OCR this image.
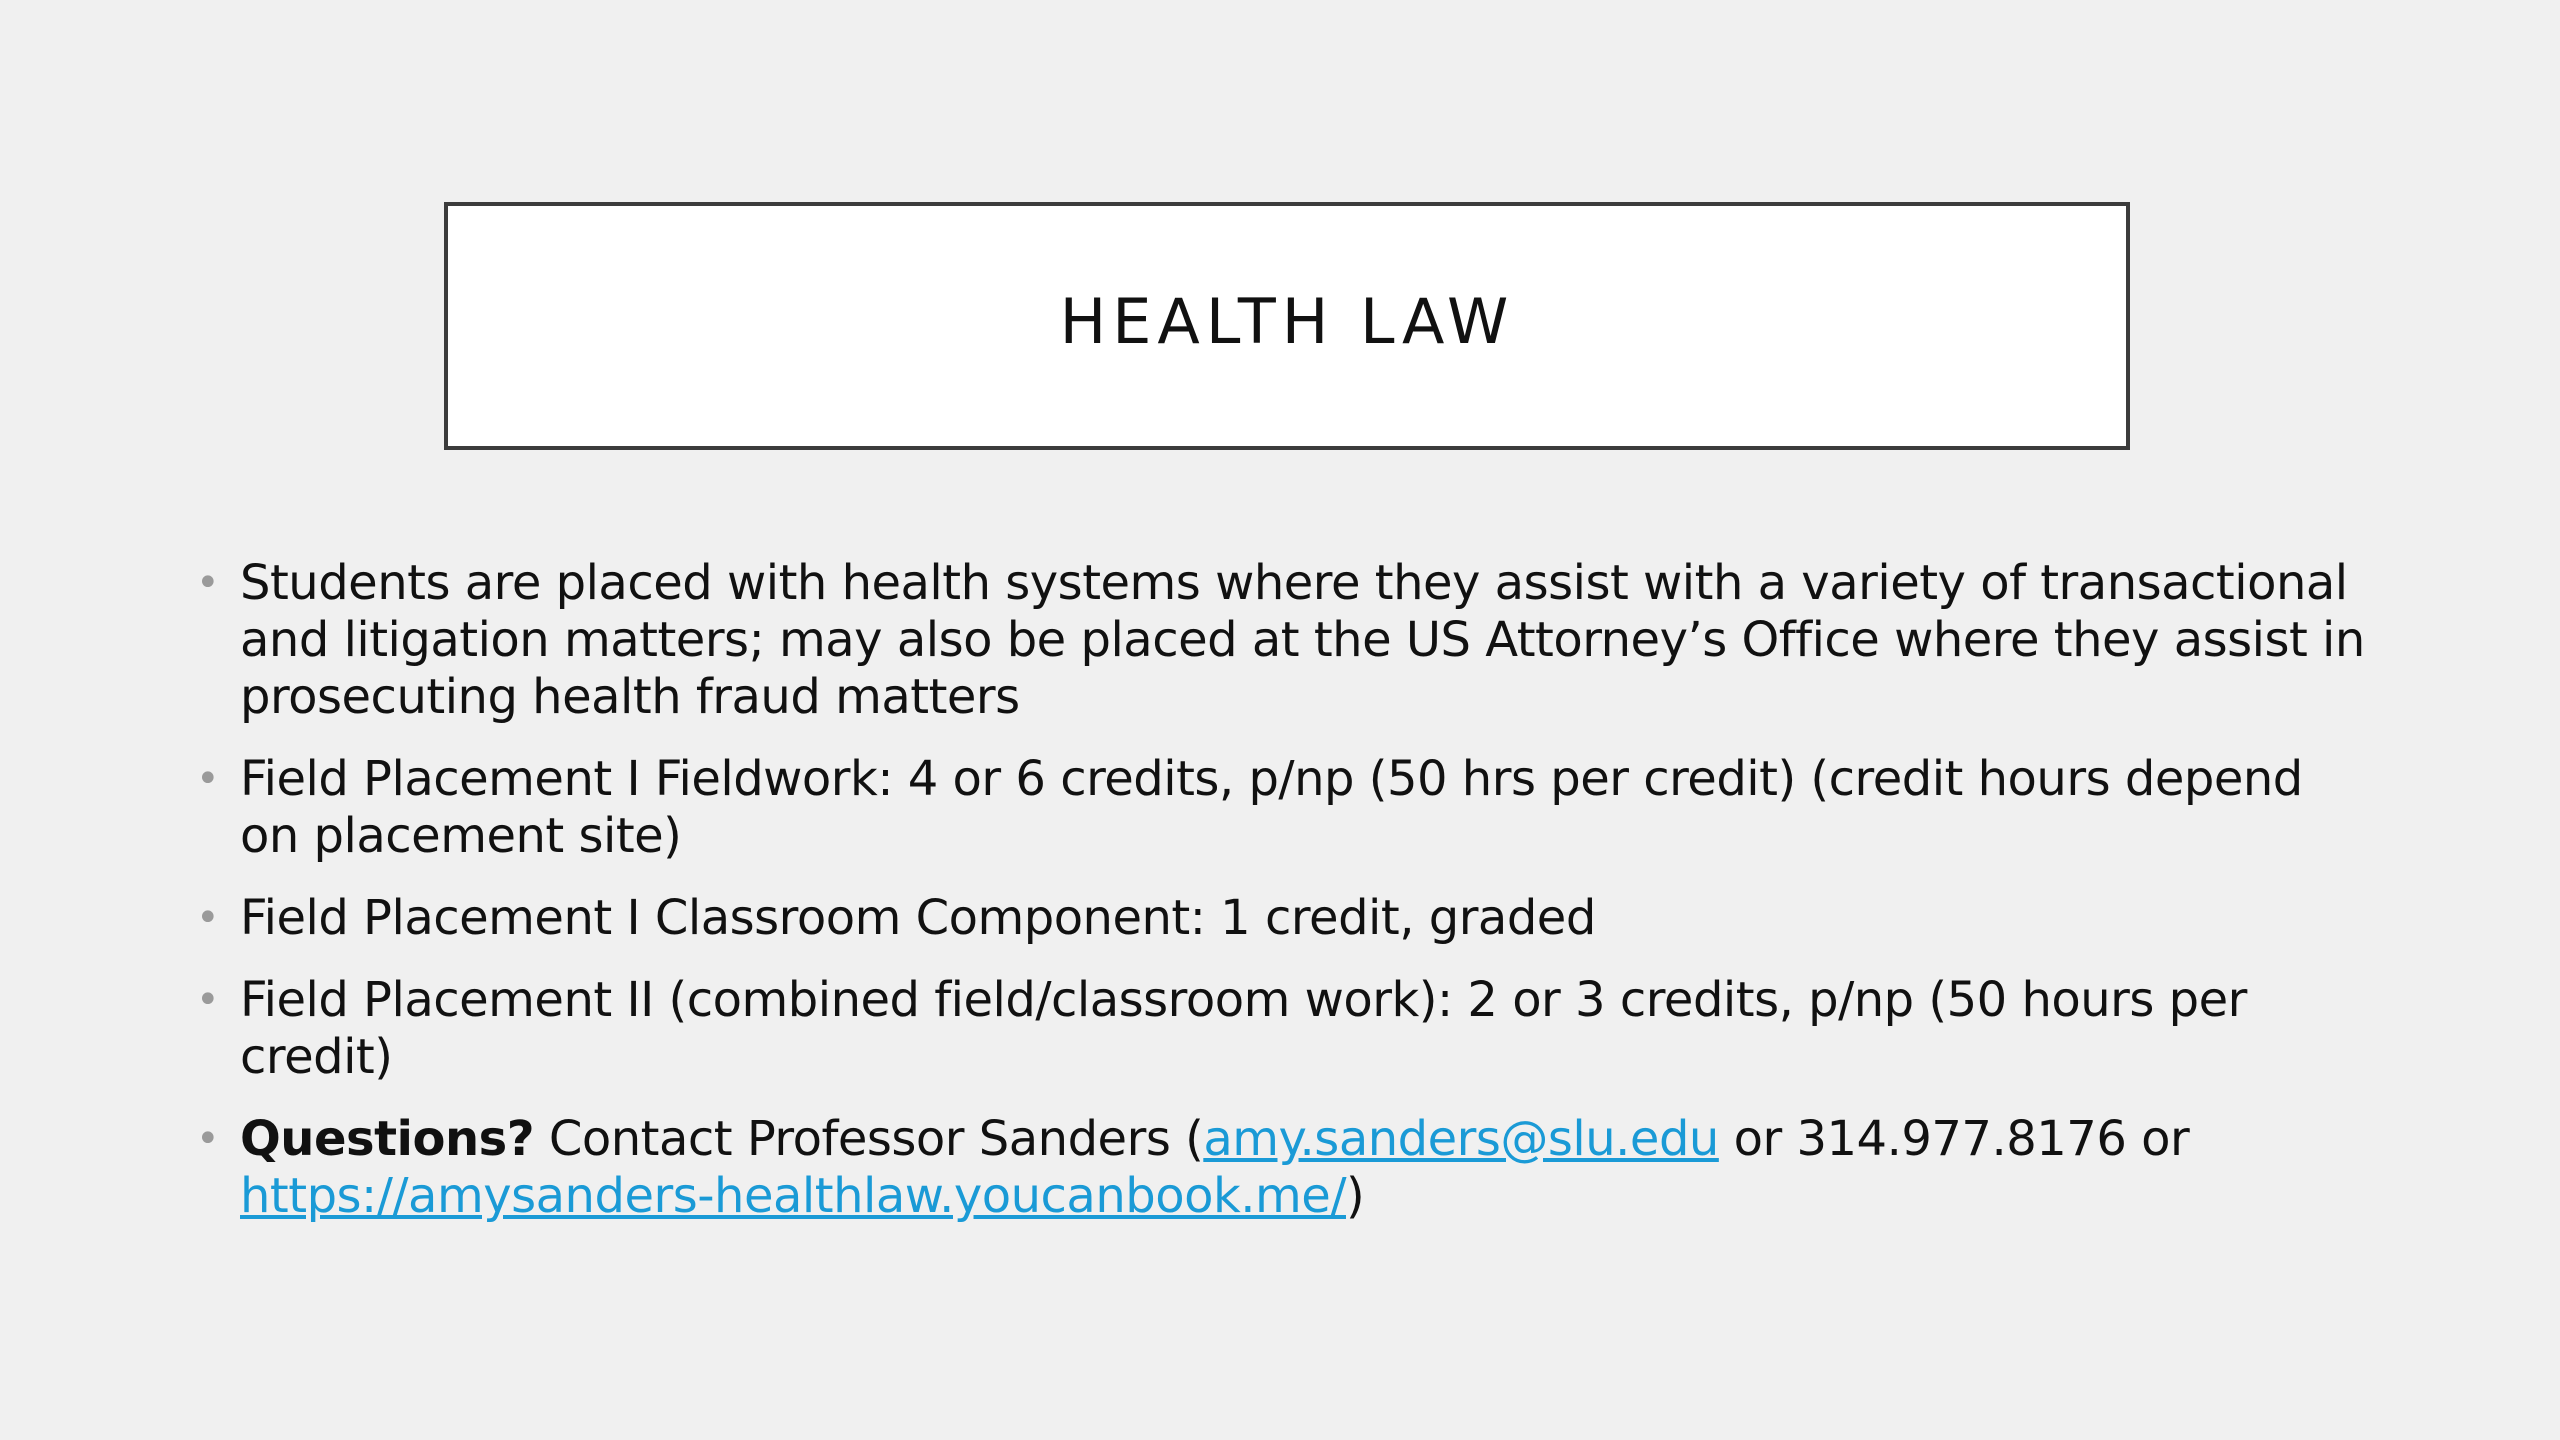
HEALTH LAW
• Students are placed with health systems where they assist with a variety of transactional and litigation matters; may also be placed at the US Attorney’s Office where they assist in prosecuting health fraud matters
• Field Placement I Fieldwork: 4 or 6 credits, p/np (50 hrs per credit) (credit hours depend on placement site)
• Field Placement I Classroom Component: 1 credit, graded
• Field Placement II (combined field/classroom work): 2 or 3 credits, p/np (50 hours per credit)
• Questions? Contact Professor Sanders (amy.sanders@slu.edu or 314.977.8176 or https://amysanders-healthlaw.youcanbook.me/)
